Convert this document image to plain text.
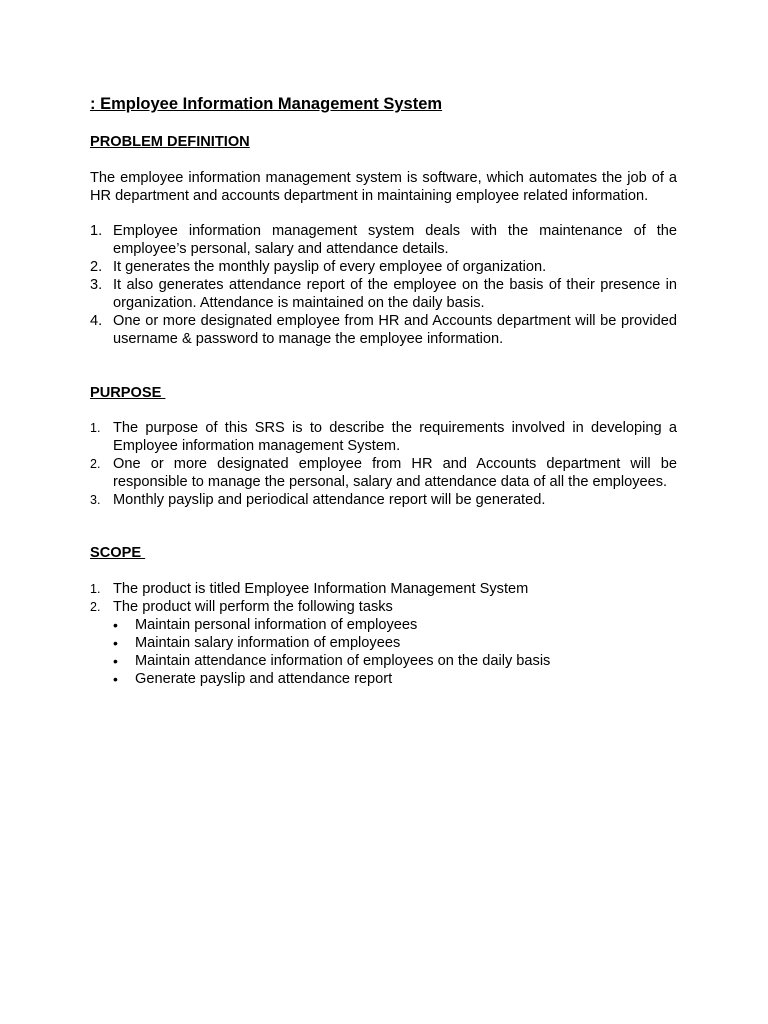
: Employee Information Management System
PROBLEM DEFINITION

The employee information management system is software, which automates the job of a HR department and accounts department in maintaining employee related information.

1. Employee information management system deals with the maintenance of the employee’s personal, salary and attendance details.
2. It generates the monthly payslip of every employee of organization.
3. It also generates attendance report of the employee on the basis of their presence in organization. Attendance is maintained on the daily basis.
4. One or more designated employee from HR and Accounts department will be provided username & password to manage the employee information.
PURPOSE
1. The purpose of this SRS is to describe the requirements involved in developing a Employee information management System.
2. One or more designated employee from HR and Accounts department will be responsible to manage the personal, salary and attendance data of all the employees.
3. Monthly payslip and periodical attendance report will be generated.
SCOPE
1. The product is titled Employee Information Management System
2. The product will perform the following tasks
• Maintain personal information of employees
• Maintain salary information of employees
• Maintain attendance information of employees on the daily basis
• Generate payslip and attendance report
